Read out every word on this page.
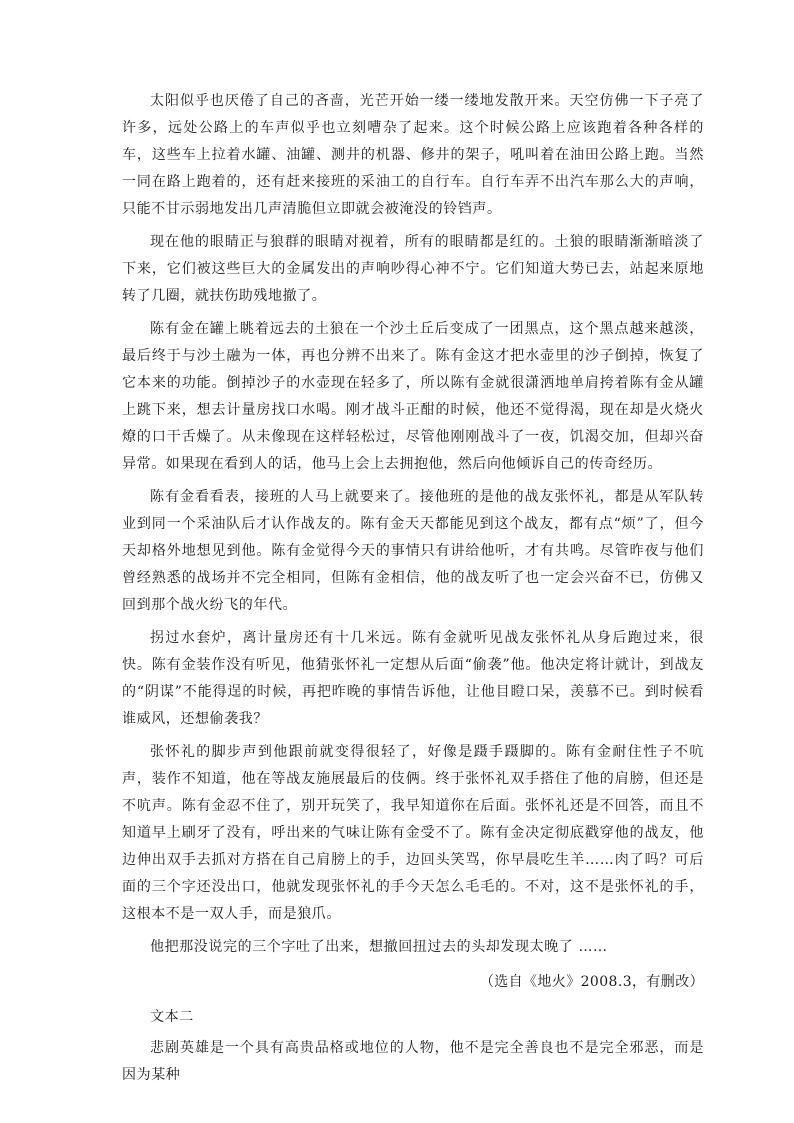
太阳似乎也厌倦了自己的吝啬，光芒开始一缕一缕地发散开来。天空仿佛一下子亮了许多，远处公路上的车声似乎也立刻嘈杂了起来。这个时候公路上应该跑着各种各样的车，这些车上拉着水罐、油罐、测井的机器、修井的架子，吼叫着在油田公路上跑。当然一同在路上跑着的，还有赶来接班的采油工的自行车。自行车弄不出汽车那么大的声响，只能不甘示弱地发出几声清脆但立即就会被淹没的铃铛声。

现在他的眼睛正与狼群的眼睛对视着，所有的眼睛都是红的。土狼的眼睛渐渐暗淡了下来，它们被这些巨大的金属发出的声响吵得心神不宁。它们知道大势已去，站起来原地转了几圈，就扶伤助残地撤了。

陈有金在罐上眺着远去的土狼在一个沙土丘后变成了一团黑点，这个黑点越来越淡，最后终于与沙土融为一体，再也分辨不出来了。陈有金这才把水壶里的沙子倒掉，恢复了它本来的功能。倒掉沙子的水壶现在轻多了，所以陈有金就很潇洒地单肩挎着陈有金从罐上跳下来，想去计量房找口水喝。刚才战斗正酣的时候，他还不觉得渴，现在却是火烧火燎的口干舌燥了。从未像现在这样轻松过，尽管他刚刚战斗了一夜，饥渴交加，但却兴奋异常。如果现在看到人的话，他马上会上去拥抱他，然后向他倾诉自己的传奇经历。

陈有金看看表，接班的人马上就要来了。接他班的是他的战友张怀礼，都是从军队转业到同一个采油队后才认作战友的。陈有金天天都能见到这个战友，都有点“烦”了，但今天却格外地想见到他。陈有金觉得今天的事情只有讲给他听，才有共鸣。尽管昨夜与他们曾经熟悉的战场并不完全相同，但陈有金相信，他的战友听了也一定会兴奋不已，仿佛又回到那个战火纷飞的年代。

拐过水套炉，离计量房还有十几米远。陈有金就听见战友张怀礼从身后跑过来，很快。陈有金装作没有听见，他猜张怀礼一定想从后面“偷袭”他。他决定将计就计，到战友的“阴谋”不能得逞的时候，再把昨晚的事情告诉他，让他目瞪口呆，羡慕不已。到时候看谁威风，还想偷袭我？

张怀礼的脚步声到他跟前就变得很轻了，好像是蹑手蹑脚的。陈有金耐住性子不吭声，装作不知道，他在等战友施展最后的伎俩。终于张怀礼双手搭住了他的肩膀，但还是不吭声。陈有金忍不住了，别开玩笑了，我早知道你在后面。张怀礼还是不回答，而且不知道早上刷牙了没有，呼出来的气味让陈有金受不了。陈有金决定彻底戳穿他的战友，他边伸出双手去抓对方搭在自己肩膀上的手，边回头笑骂，你早晨吃生羊……肉了吗？可后面的三个字还没出口，他就发现张怀礼的手今天怎么毛毛的。不对，这不是张怀礼的手，这根本不是一双人手，而是狼爪。

他把那没说完的三个字吐了出来，想撤回扭过去的头却发现太晚了 ……

（选自《地火》2008.3，有删改）

文本二

悲剧英雄是一个具有高贵品格或地位的人物，他不是完全善良也不是完全邪恶，而是因为某种
